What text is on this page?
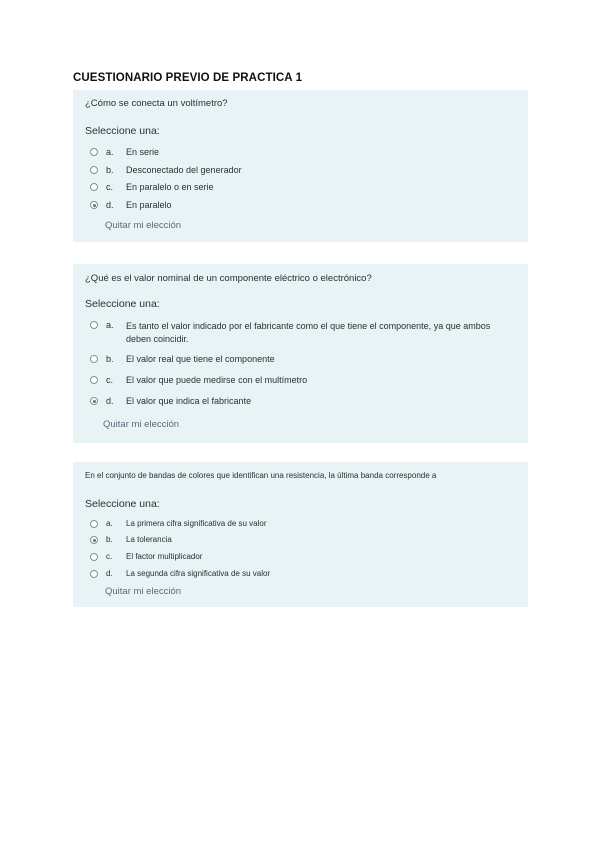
CUESTIONARIO PREVIO DE PRACTICA 1
¿Cómo se conecta un voltímetro?
Seleccione una:
a.	En serie
b.	Desconectado del generador
c.	En paralelo o en serie
d.	En paralelo
Quitar mi elección
¿Qué es el valor nominal de un componente eléctrico o electrónico?
Seleccione una:
a.	Es tanto el valor indicado por el fabricante como el que tiene el componente, ya que ambos deben coincidir.
b.	El valor real que tiene el componente
c.	El valor que puede medirse con el multímetro
d.	El valor que indica el fabricante
Quitar mi elección
En el conjunto de bandas de colores que identifican una resistencia, la última banda corresponde a
Seleccione una:
a.	La primera cifra significativa de su valor
b.	La tolerancia
c.	El factor multiplicador
d.	La segunda cifra significativa de su valor
Quitar mi elección
